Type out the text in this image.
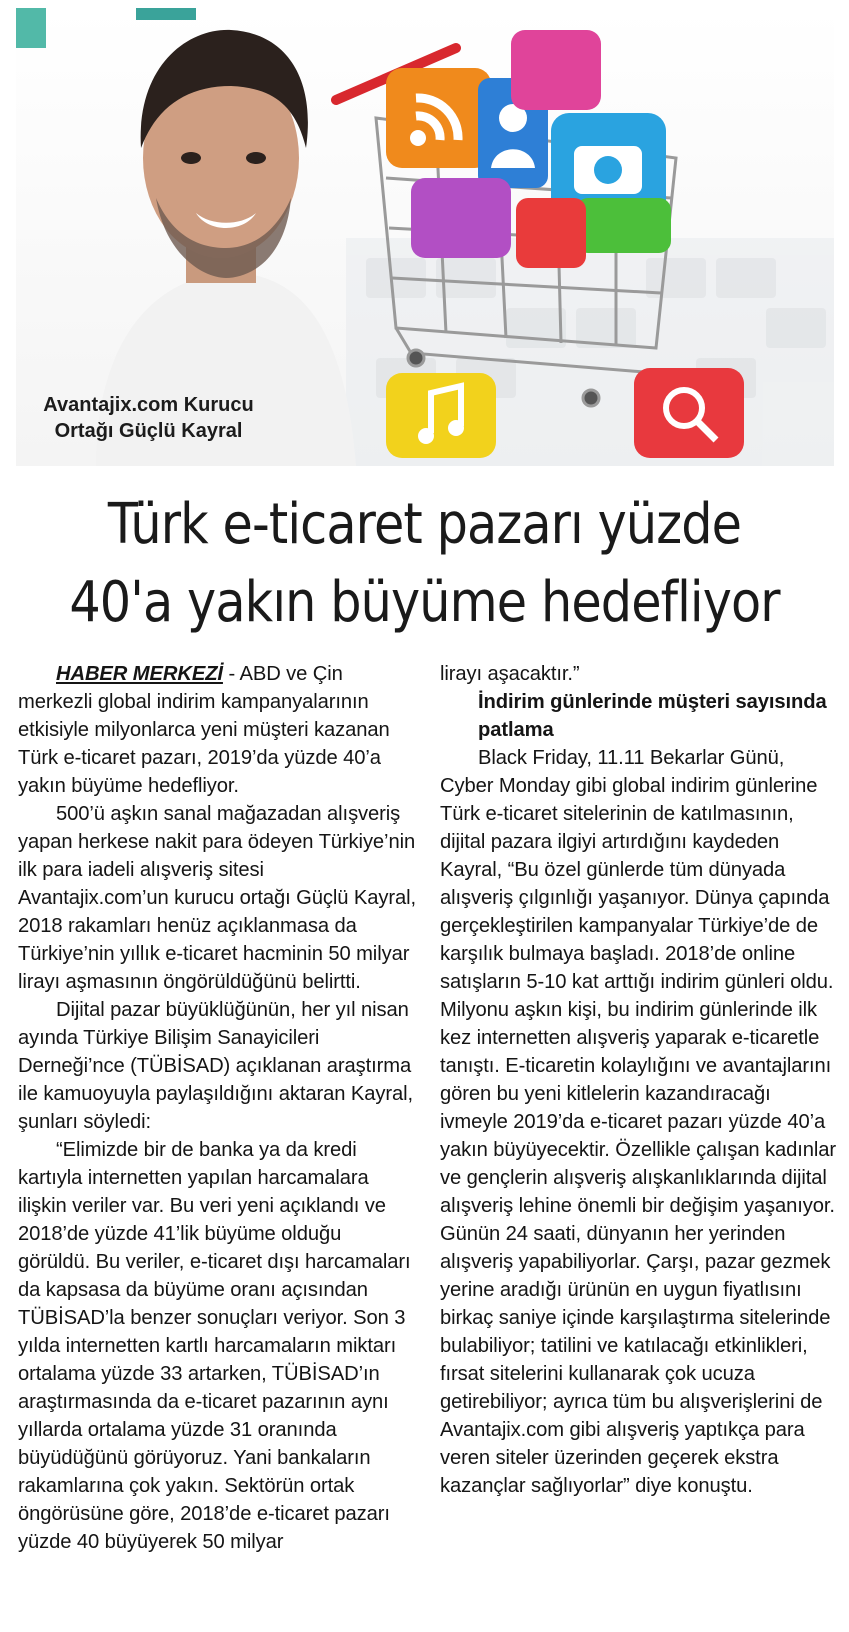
Avantajix.com Kurucu
Ortağı Güçlü Kayral
Türk e-ticaret pazarı yüzde
40'a yakın büyüme hedefliyor

HABER MERKEZİ - ABD ve Çin merkezli global indirim kampanyalarının etkisiyle milyonlarca yeni müşteri kazanan Türk e-ticaret pazarı, 2019’da yüzde 40’a yakın büyüme hedefliyor.

500’ü aşkın sanal mağazadan alışveriş yapan herkese nakit para ödeyen Türkiye’nin ilk para iadeli alışveriş sitesi Avantajix.com’un kurucu ortağı Güçlü Kayral, 2018 rakamları henüz açıklanmasa da Türkiye’nin yıllık e-ticaret hacminin 50 milyar lirayı aşmasının öngörüldüğünü belirtti.

Dijital pazar büyüklüğünün, her yıl nisan ayında Türkiye Bilişim Sanayicileri Derneği’nce (TÜBİSAD) açıklanan araştırma ile kamuoyuyla paylaşıldığını aktaran Kayral, şunları söyledi:

“Elimizde bir de banka ya da kredi kartıyla internetten yapılan harcamalara ilişkin veriler var. Bu veri yeni açıklandı ve 2018’de yüzde 41’lik büyüme olduğu görüldü. Bu veriler, e-ticaret dışı harcamaları da kapsasa da büyüme oranı açısından TÜBİSAD’la benzer sonuçları veriyor. Son 3 yılda internetten kartlı harcamaların miktarı ortalama yüzde 33 artarken, TÜBİSAD’ın araştırmasında da e-ticaret pazarının aynı yıllarda ortalama yüzde 31 oranında büyüdüğünü görüyoruz. Yani bankaların rakamlarına çok yakın. Sektörün ortak öngörüsüne göre, 2018’de e-ticaret pazarı yüzde 40 büyüyerek 50 milyar

lirayı aşacaktır.”

İndirim günlerinde müşteri sayısında patlama

Black Friday, 11.11 Bekarlar Günü, Cyber Monday gibi global indirim günlerine Türk e-ticaret sitelerinin de katılmasının, dijital pazara ilgiyi artırdığını kaydeden Kayral, “Bu özel günlerde tüm dünyada alışveriş çılgınlığı yaşanıyor. Dünya çapında gerçekleştirilen kampanyalar Türkiye’de de karşılık bulmaya başladı. 2018’de online satışların 5-10 kat arttığı indirim günleri oldu. Milyonu aşkın kişi, bu indirim günlerinde ilk kez internetten alışveriş yaparak e-ticaretle tanıştı. E-ticaretin kolaylığını ve avantajlarını gören bu yeni kitlelerin kazandıracağı ivmeyle 2019’da e-ticaret pazarı yüzde 40’a yakın büyüyecektir. Özellikle çalışan kadınlar ve gençlerin alışveriş alışkanlıklarında dijital alışveriş lehine önemli bir değişim yaşanıyor. Günün 24 saati, dünyanın her yerinden alışveriş yapabiliyorlar. Çarşı, pazar gezmek yerine aradığı ürünün en uygun fiyatlısını birkaç saniye içinde karşılaştırma sitelerinde bulabiliyor; tatilini ve katılacağı etkinlikleri, fırsat sitelerini kullanarak çok ucuza getirebiliyor; ayrıca tüm bu alışverişlerini de Avantajix.com gibi alışveriş yaptıkça para veren siteler üzerinden geçerek ekstra kazançlar sağlıyorlar” diye konuştu.
